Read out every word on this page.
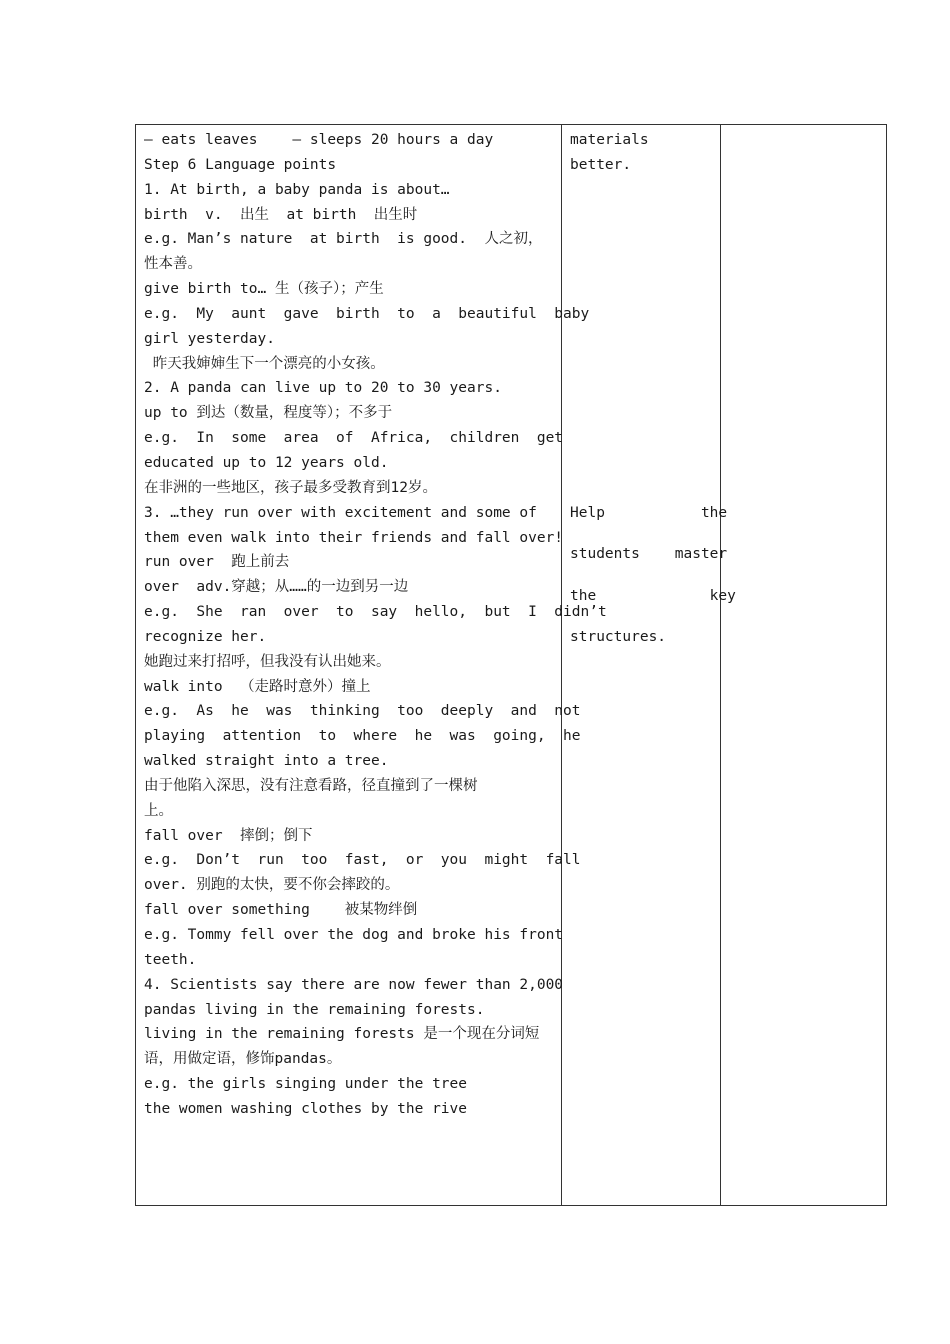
— eats leaves    — sleeps 20 hours a day
Step 6 Language points
1. At birth, a baby panda is about…
birth  v.  出生  at birth  出生时
e.g. Man’s nature  at birth  is good.  人之初，
性本善。
give birth to… 生（孩子）；产生
e.g.  My  aunt  gave  birth  to  a  beautiful  baby
girl yesterday.
昨天我婶婶生下一个漂亮的小女孩。
2. A panda can live up to 20 to 30 years.
up to 到达（数量，程度等）；不多于
e.g.  In  some  area  of  Africa,  children  get
educated up to 12 years old.
在非洲的一些地区，孩子最多受教育到12岁。
3. …they run over with excitement and some of
them even walk into their friends and fall over!
run over  跑上前去
over  adv.穿越；从……的一边到另一边
e.g.  She  ran  over  to  say  hello,  but  I  didn’t
recognize her.
她跑过来打招呼，但我没有认出她来。
walk into  （走路时意外）撞上
e.g.  As  he  was  thinking  too  deeply  and  not
playing  attention  to  where  he  was  going,  he
walked straight into a tree.
由于他陷入深思，没有注意看路，径直撞到了一棵树
上。
fall over  摔倒；倒下
e.g.  Don’t  run  too  fast,  or  you  might  fall
over. 别跑的太快，要不你会摔跤的。
fall over something    被某物绊倒
e.g. Tommy fell over the dog and broke his front
teeth.
4. Scientists say there are now fewer than 2,000
pandas living in the remaining forests.
living in the remaining forests 是一个现在分词短
语，用做定语，修饰pandas。
e.g. the girls singing under the tree
the women washing clothes by the rive
materials
better.
Help           the
students    master
the             key
structures.
